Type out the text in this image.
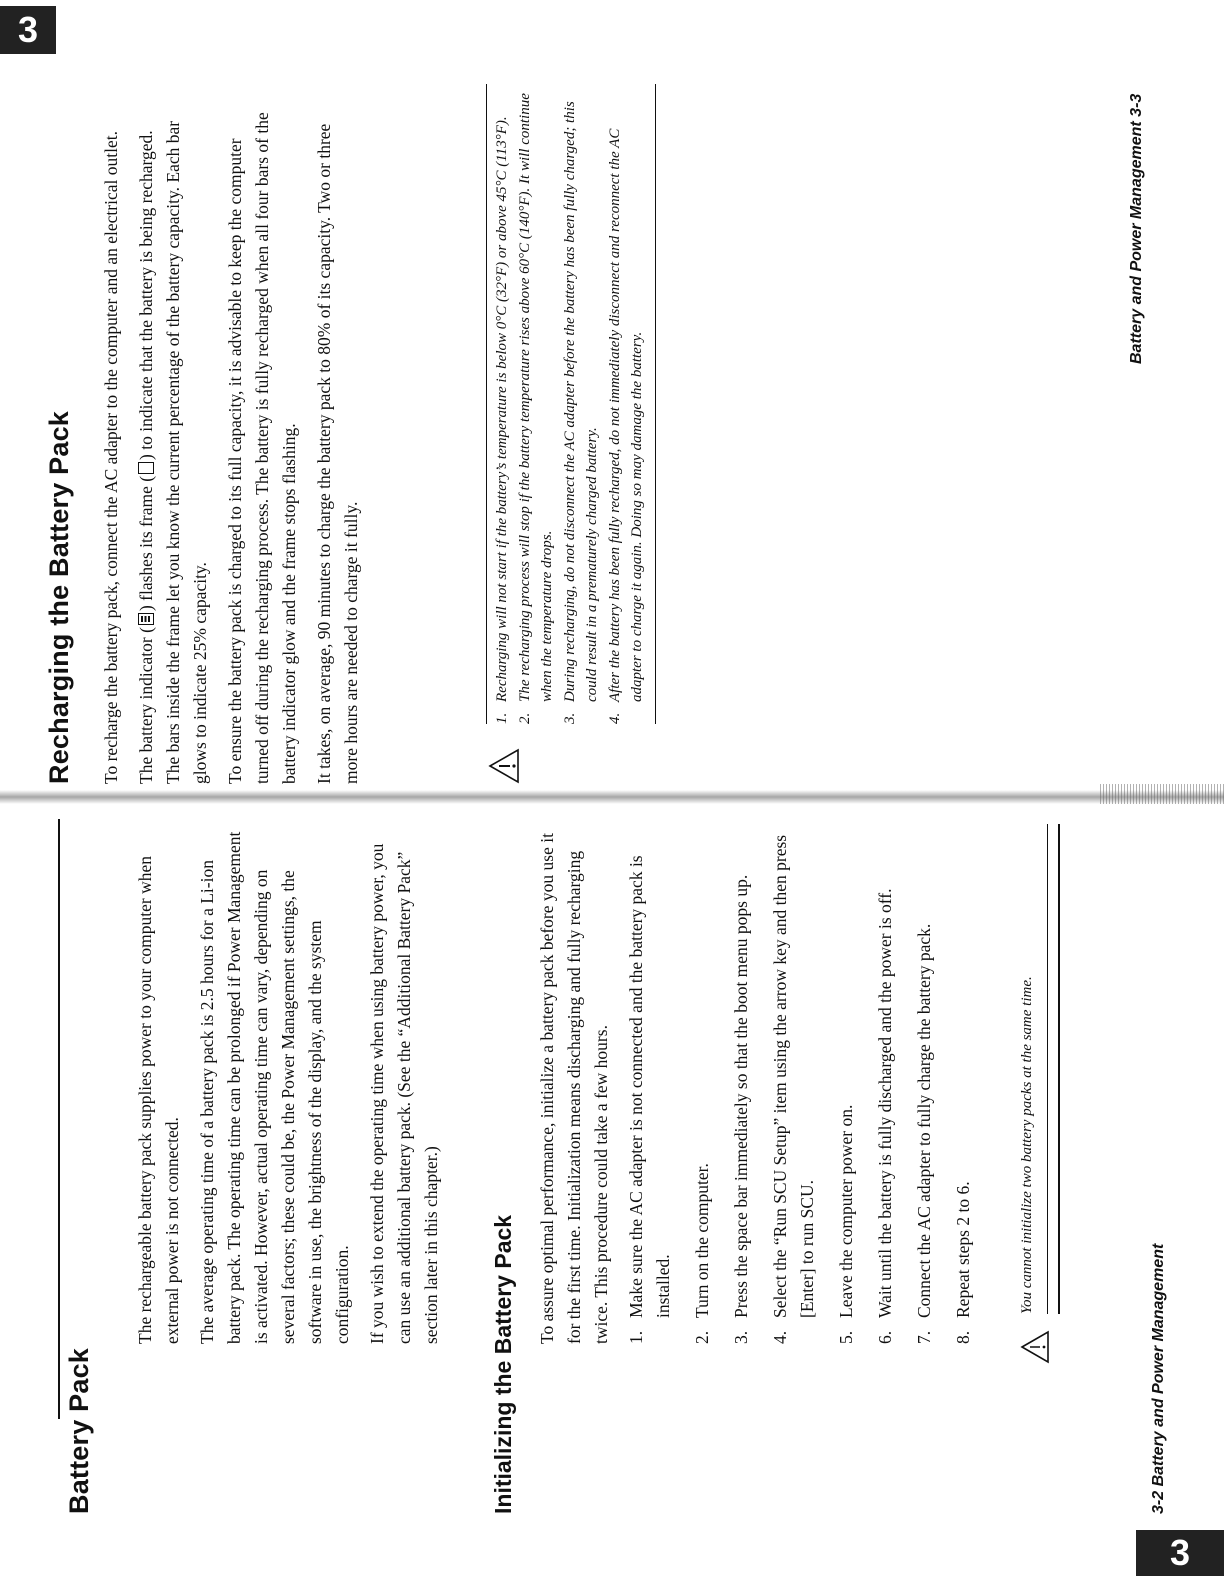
3
Battery Pack

The rechargeable battery pack supplies power to your computer when external power is not connected. The average operating time of a battery pack is 2.5 hours for a Li-ion battery pack. The operating time can be prolonged if Power Management is activated. However, actual operating time can vary, depending on several factors; these could be, the Power Management settings, the software in use, the brightness of the display, and the system configuration. If you wish to extend the operating time when using battery power, you can use an additional battery pack. (See the “Additional Battery Pack” section later in this chapter.) Initializing the Battery Pack

To assure optimal performance, initialize a battery pack before you use it for the first time. Initialization means discharging and fully recharging twice. This procedure could take a few hours. 1.
Make sure the AC adapter is not connected and the battery pack is installed.
2.
Turn on the computer.
3.
Press the space bar immediately so that the boot menu pops up.
4.
Select the “Run SCU Setup” item using the arrow key and then press [Enter] to run SCU.
5.
Leave the computer power on.
6.
Wait until the battery is fully discharged and the power is off.
7.
Connect the AC adapter to fully charge the battery pack.
8.
Repeat steps 2 to 6.	You cannot initialize two battery packs at the same time.
3-2 Battery and Power Management
3
Recharging the Battery Pack To recharge the battery pack, connect the AC adapter to the computer and an electrical outlet. The battery indicator () flashes its frame () to indicate that the battery is being recharged. The bars inside the frame let you know the current percentage of the battery capacity. Each bar glows to indicate 25% capacity. To ensure the battery pack is charged to its full capacity, it is advisable to keep the computer turned off during the recharging process. The battery is fully recharged when all four bars of the battery indicator glow and the frame stops flashing. It takes, on average, 90 minutes to charge the battery pack to 80% of its capacity. Two or three more hours are needed to charge it fully.	1.
Recharging will not start if the battery’s temperature is below 0°C (32°F) or above 45°C (113°F).
2.
The recharging process will stop if the battery temperature rises above 60°C (140°F). It will continue when the temperature drops.
3.
During recharging, do not disconnect the AC adapter before the battery has been fully charged; this could result in a prematurely charged battery.
4.
After the battery has been fully recharged, do not immediately disconnect and reconnect the AC adapter to charge it again. Doing so may damage the battery.
Battery and Power Management 3-3
